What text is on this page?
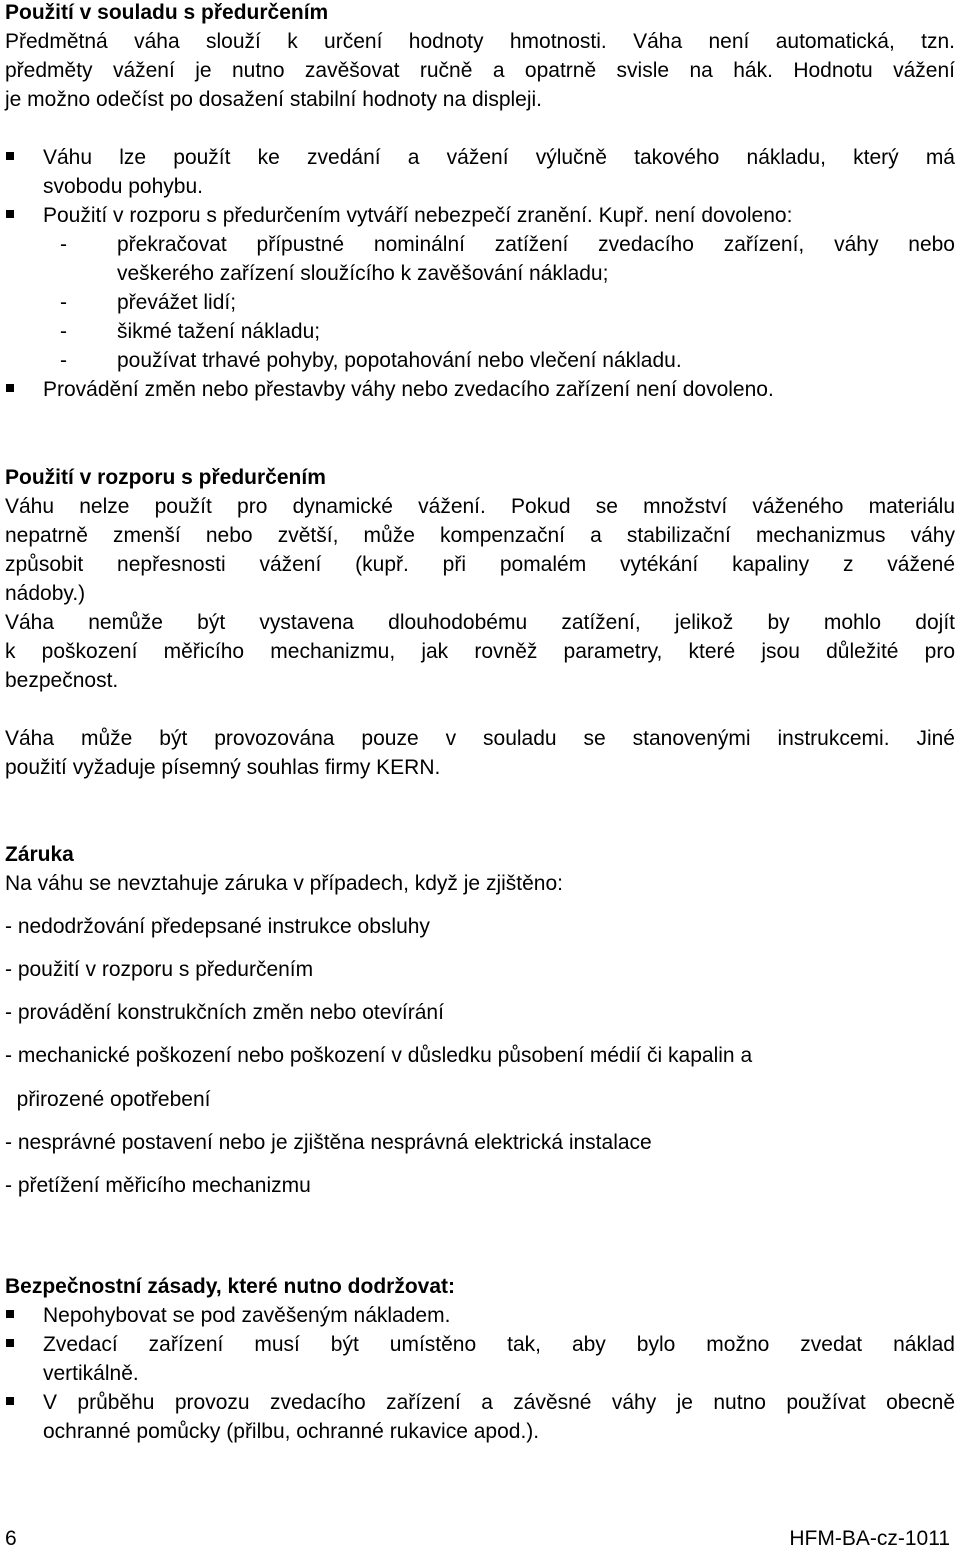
Použití v souladu s předurčením
Předmětná váha slouží k určení hodnoty hmotnosti. Váha není automatická, tzn.
předměty vážení je nutno zavěšovat ručně a opatrně svisle na hák. Hodnotu vážení
je možno odečíst po dosažení stabilní hodnoty na displeji.
Váhu lze použít ke zvedání a vážení výlučně takového nákladu, který má
svobodu pohybu.
Použití v rozporu s předurčením vytváří nebezpečí zranění. Kupř. není dovoleno:
- překračovat přípustné nominální zatížení zvedacího zařízení, váhy nebo
veškerého zařízení sloužícího k zavěšování nákladu;
- převážet lidí;
- šikmé tažení nákladu;
- používat trhavé pohyby, popotahování nebo vlečení nákladu.
Provádění změn nebo přestavby váhy nebo zvedacího zařízení není dovoleno.
Použití v rozporu s předurčením
Váhu nelze použít pro dynamické vážení. Pokud se množství váženého materiálu
nepatrně zmenší nebo zvětší, může kompenzační a stabilizační mechanizmus váhy
způsobit nepřesnosti vážení (kupř. při pomalém vytékání kapaliny z vážené
nádoby.)
Váha nemůže být vystavena dlouhodobému zatížení, jelikož by mohlo dojít
k poškození měřicího mechanizmu, jak rovněž parametry, které jsou důležité pro
bezpečnost.
Váha může být provozována pouze v souladu se stanovenými instrukcemi. Jiné
použití vyžaduje písemný souhlas firmy KERN.
Záruka
Na váhu se nevztahuje záruka v případech, když je zjištěno:
- nedodržování předepsané instrukce obsluhy
- použití v rozporu s předurčením
- provádění konstrukčních změn nebo otevírání
- mechanické poškození nebo poškození v důsledku působení médií či kapalin a
přirozené opotřebení
- nesprávné postavení nebo je zjištěna nesprávná elektrická instalace
- přetížení měřicího mechanizmu
Bezpečnostní zásady, které nutno dodržovat:
Nepohybovat se pod zavěšeným nákladem.
Zvedací zařízení musí být umístěno tak, aby bylo možno zvedat náklad
vertikálně.
V průběhu provozu zvedacího zařízení a závěsné váhy je nutno používat obecně
ochranné pomůcky (přilbu, ochranné rukavice apod.).
6	HFM-BA-cz-1011
